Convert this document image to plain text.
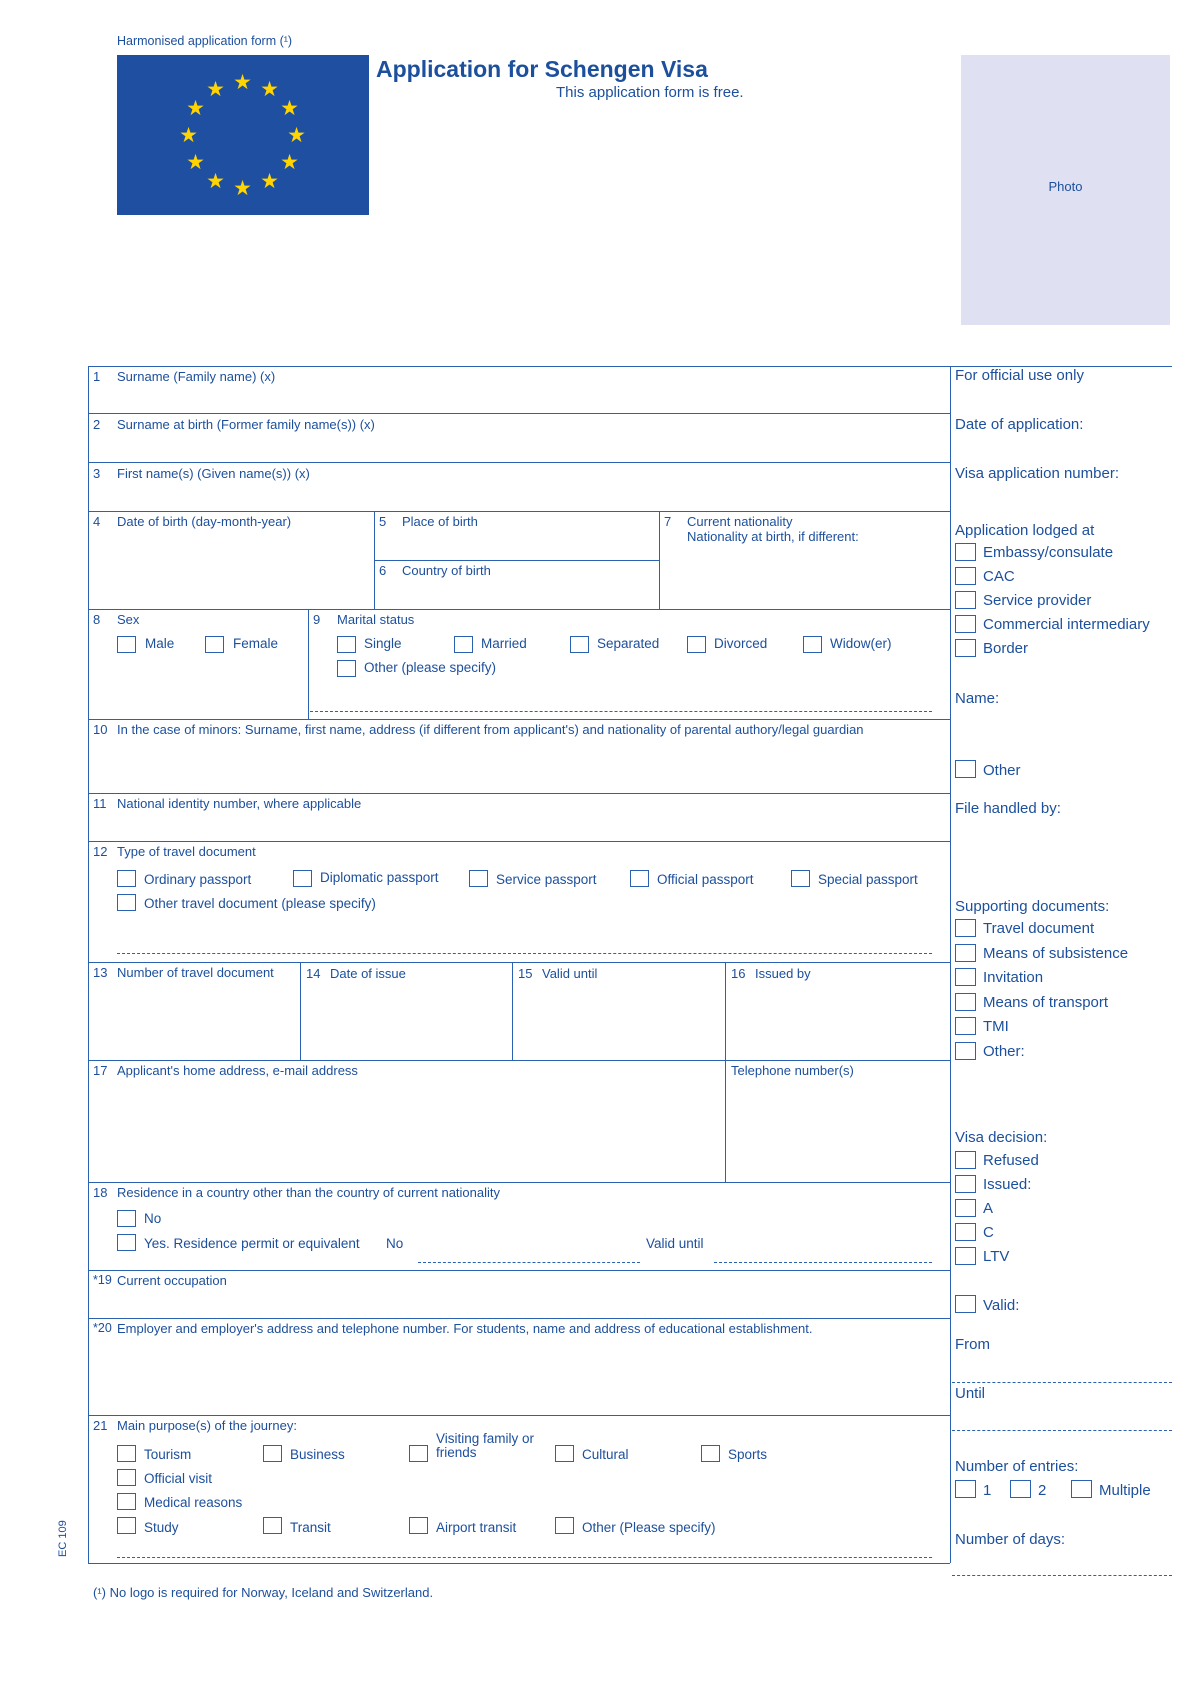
Harmonised application form (¹)
★ ★
★
★
★
★
★
★
★
★
★
★
Application for Schengen Visa
This application form is free.
Photo
1 Surname (Family name) (x)
2 Surname at birth (Former family name(s)) (x)
3 First name(s) (Given name(s)) (x)
4 Date of birth (day-month-year)	5 Place of birth
6 Country of birth
7 Current nationality
Nationality at birth, if different:
8 Sex
Male	Female
9 Marital status
Single	Married	Separated	Divorced	Widow(er)
Other (please specify)
10 In the case of minors: Surname, first name, address (if different from applicant's) and nationality of parental authory/legal guardian
11 National identity number, where applicable
12 Type of travel document
Ordinary passport	Diplomatic passport	Service passport	Official passport	Special passport
Other travel document (please specify)
13 Number of travel document 14 Date of issue	15 Valid until	16 Issued by
17 Applicant's home address, e-mail address	Telephone number(s)
18 Residence in a country other than the country of current nationality
No
Yes. Residence permit or equivalent No	Valid until
*19 Current occupation
*20 Employer and employer's address and telephone number. For students, name and address of educational establishment.
21 Main purpose(s) of the journey:
Tourism	Business
Visiting family or friends	Cultural	Sports
Official visit
Medical reasons
Study	Transit	Airport transit	Other (Please specify)
For official use only
Date of application:
Visa application number:
Application lodged at
Embassy/consulate
CAC
Service provider
Commercial intermediary
Border
Name:
Other
File handled by:
Supporting documents:
Travel document
Means of subsistence
Invitation
Means of transport
TMI
Other:
Visa decision:
Refused
Issued:
A
C
LTV
Valid:
From
Until
Number of entries:
1	2	Multiple
Number of days:
(¹) No logo is required for Norway, Iceland and Switzerland.
EC 109
